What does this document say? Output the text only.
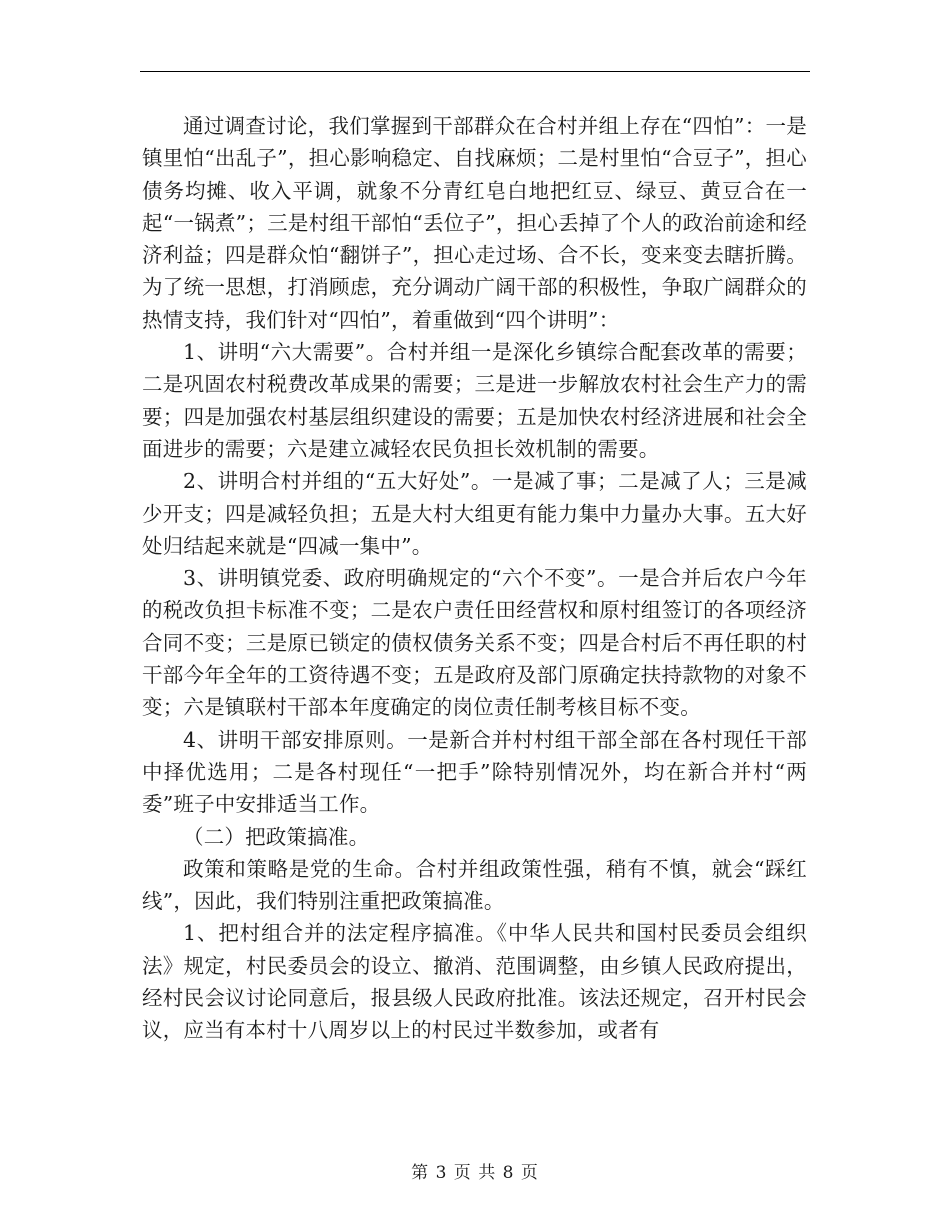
通过调查讨论，我们掌握到干部群众在合村并组上存在“四怕”：一是镇里怕“出乱子”，担心影响稳定、自找麻烦；二是村里怕“合豆子”，担心债务均摊、收入平调，就象不分青红皂白地把红豆、绿豆、黄豆合在一起“一锅煮”；三是村组干部怕“丢位子”，担心丢掉了个人的政治前途和经济利益；四是群众怕“翻饼子”，担心走过场、合不长，变来变去瞎折腾。为了统一思想，打消顾虑，充分调动广阔干部的积极性，争取广阔群众的热情支持，我们针对“四怕”，着重做到“四个讲明”：

1、讲明“六大需要”。合村并组一是深化乡镇综合配套改革的需要；二是巩固农村税费改革成果的需要；三是进一步解放农村社会生产力的需要；四是加强农村基层组织建设的需要；五是加快农村经济进展和社会全面进步的需要；六是建立减轻农民负担长效机制的需要。

2、讲明合村并组的“五大好处”。一是减了事；二是减了人；三是减少开支；四是减轻负担；五是大村大组更有能力集中力量办大事。五大好处归结起来就是“四减一集中”。

3、讲明镇党委、政府明确规定的“六个不变”。一是合并后农户今年的税改负担卡标准不变；二是农户责任田经营权和原村组签订的各项经济合同不变；三是原已锁定的债权债务关系不变；四是合村后不再任职的村干部今年全年的工资待遇不变；五是政府及部门原确定扶持款物的对象不变；六是镇联村干部本年度确定的岗位责任制考核目标不变。

4、讲明干部安排原则。一是新合并村村组干部全部在各村现任干部中择优选用；二是各村现任“一把手”除特别情况外，均在新合并村“两委”班子中安排适当工作。

（二）把政策搞准。

政策和策略是党的生命。合村并组政策性强，稍有不慎，就会“踩红线”，因此，我们特别注重把政策搞准。

1、把村组合并的法定程序搞准。《中华人民共和国村民委员会组织法》规定，村民委员会的设立、撤消、范围调整，由乡镇人民政府提出，经村民会议讨论同意后，报县级人民政府批准。该法还规定，召开村民会议，应当有本村十八周岁以上的村民过半数参加，或者有

第 3 页 共 8 页
